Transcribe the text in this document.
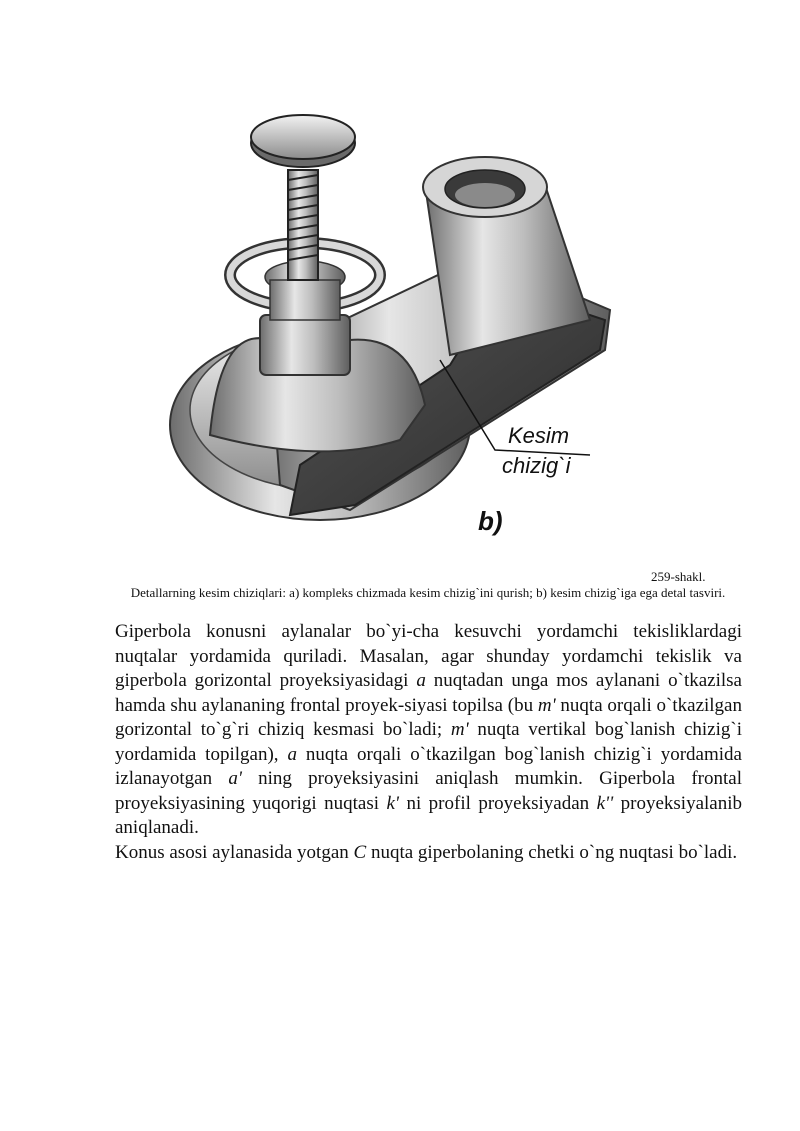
Kesim
chizig`i
b)
259-shakl.
Detallarning kesim chiziqlari: a) kompleks chizmada kesim chizig`ini qurish; b) kesim chizig`iga ega detal tasviri.

Giperbola konusni aylanalar bo`yi-cha kesuvchi yordamchi tekisliklardagi nuqtalar yordamida quriladi. Masalan, agar shunday yordamchi tekislik va giperbola gorizontal proyeksiyasidagi a nuqtadan unga mos aylanani o`tkazilsa hamda shu aylananing frontal proyek-siyasi topilsa (bu m' nuqta orqali o`tkazilgan gorizontal to`g`ri chiziq kesmasi bo`ladi; m' nuqta vertikal bog`lanish chizig`i yordamida topilgan), a nuqta orqali o`tkazilgan bog`lanish chizig`i yordamida izlanayotgan a' ning proyeksiyasini aniqlash mumkin. Giperbola frontal proyeksiyasining yuqorigi nuqtasi k' ni profil proyeksiyadan k'' proyeksiyalanib aniqlanadi.

Konus asosi aylanasida yotgan C nuqta giperbolaning chetki o`ng nuqtasi bo`ladi.
